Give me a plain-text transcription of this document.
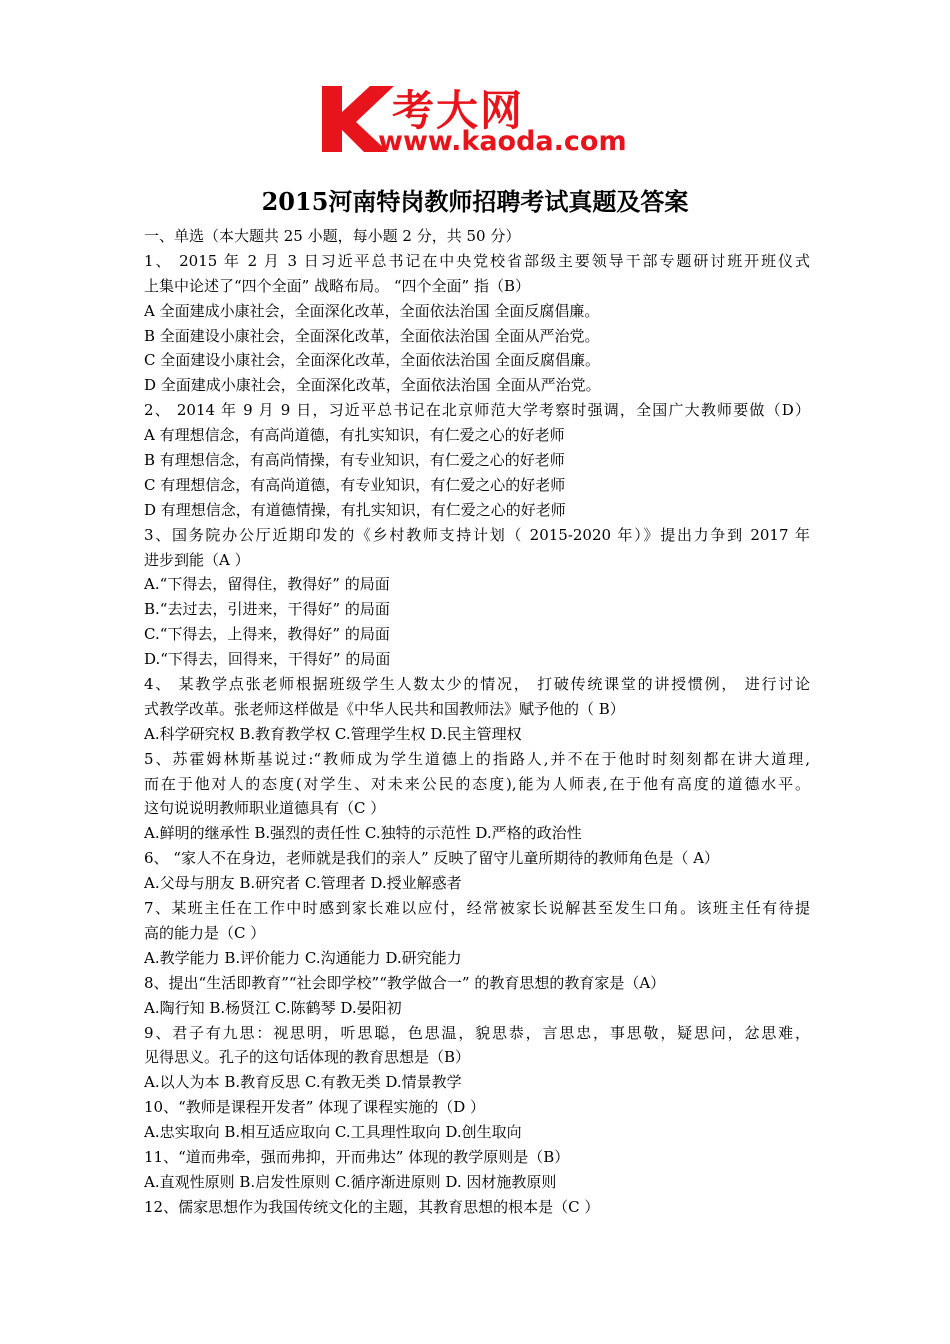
考大网
www.kaoda.com
2015河南特岗教师招聘考试真题及答案
一、单选（本大题共 25 小题，每小题 2 分，共 50 分）
1、 2015 年 2 月 3 日习近平总书记在中央党校省部级主要领导干部专题研讨班开班仪式
上集中论述了“四个全面” 战略布局。 “四个全面” 指（B）
A 全面建成小康社会，全面深化改革，全面依法治国 全面反腐倡廉。
B 全面建设小康社会，全面深化改革，全面依法治国 全面从严治党。
C 全面建设小康社会，全面深化改革，全面依法治国 全面反腐倡廉。
D 全面建成小康社会，全面深化改革，全面依法治国 全面从严治党。
2、 2014 年 9 月 9 日，习近平总书记在北京师范大学考察时强调，全国广大教师要做（D）
A 有理想信念，有高尚道德，有扎实知识，有仁爱之心的好老师
B 有理想信念，有高尚情操，有专业知识，有仁爱之心的好老师
C 有理想信念，有高尚道德，有专业知识，有仁爱之心的好老师
D 有理想信念，有道德情操，有扎实知识，有仁爱之心的好老师
3、国务院办公厅近期印发的《乡村教师支持计划（ 2015-2020 年）》提出力争到 2017 年
进步到能（A ）
A.“下得去，留得住，教得好” 的局面
B.“去过去，引进来，干得好” 的局面
C.“下得去，上得来，教得好” 的局面
D.“下得去，回得来，干得好” 的局面
4、 某教学点张老师根据班级学生人数太少的情况， 打破传统课堂的讲授惯例， 进行讨论
式教学改革。张老师这样做是《中华人民共和国教师法》赋予他的（ B）
A.科学研究权 B.教育教学权 C.管理学生权 D.民主管理权
5、苏霍姆林斯基说过:“教师成为学生道德上的指路人,并不在于他时时刻刻都在讲大道理,
而在于他对人的态度(对学生、对未来公民的态度),能为人师表,在于他有高度的道德水平。
这句说说明教师职业道德具有（C ）
A.鲜明的继承性 B.强烈的责任性 C.独特的示范性 D.严格的政治性
6、 “家人不在身边，老师就是我们的亲人” 反映了留守儿童所期待的教师角色是（ A）
A.父母与朋友 B.研究者 C.管理者 D.授业解惑者
7、某班主任在工作中时感到家长难以应付，经常被家长说解甚至发生口角。该班主任有待提
高的能力是（C ）
A.教学能力 B.评价能力 C.沟通能力 D.研究能力
8、提出“生活即教育”“社会即学校”“教学做合一” 的教育思想的教育家是（A）
A.陶行知 B.杨贤江 C.陈鹤琴 D.晏阳初
9、君子有九思：视思明，听思聪，色思温，貌思恭，言思忠，事思敬，疑思问，忿思难，
见得思义。孔子的这句话体现的教育思想是（B）
A.以人为本 B.教育反思 C.有教无类 D.情景教学
10、“教师是课程开发者” 体现了课程实施的（D ）
A.忠实取向 B.相互适应取向 C.工具理性取向 D.创生取向
11、“道而弗牵，强而弗抑，开而弗达” 体现的教学原则是（B）
A.直观性原则 B.启发性原则 C.循序渐进原则 D. 因材施教原则
12、儒家思想作为我国传统文化的主题，其教育思想的根本是（C ）
